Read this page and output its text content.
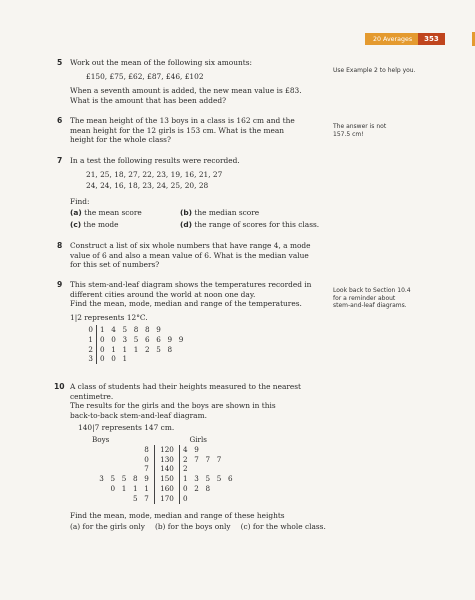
20 Averages	353
5 Work out the mean of the following six amounts:

£150, £75, £62, £87, £46, £102

When a seventh amount is added, the new mean value is £83.

What is the amount that has been added?

Use Example 2 to help you.
6 The mean height of the 13 boys in a class is 162 cm and the

mean height for the 12 girls is 153 cm. What is the mean

height for the whole class?

The answer is not
157.5 cm!
7 In a test the following results were recorded.

21, 25, 18, 27, 22, 23, 19, 16, 21, 27

24, 24, 16, 18, 23, 24, 25, 20, 28

Find:

(a) the mean score	(b) the median score
(c) the mode	(d) the range of scores for this class.
8 Construct a list of six whole numbers that have range 4, a mode

value of 6 and also a mean value of 6. What is the median value

for this set of numbers?

9 This stem-and-leaf diagram shows the temperatures recorded in

different cities around the world at noon one day.

Find the mean, mode, median and range of the temperatures.

1|2 represents 12°C.

0	1 4 5 8 8 9
1	0 0 3 5 6 6 9 9
2	0 1 1 1 2 5 8
3	0 0 1
Look back to Section 10.4
for a reminder about
stem-and-leaf diagrams.
10 A class of students had their heights measured to the nearest

centimetre.

The results for the girls and the boys are shown in this

back-to-back stem-and-leaf diagram.

140|7 represents 147 cm.

Boys		Girls
8	120	4 9
0	130	2 7 7 7
7	140	2
3 5 5 8 9	150	1 3 5 5 6
0 1 1 1	160	0 2 8
5 7	170	0

Find the mean, mode, median and range of these heights

(a) for the girls only (b) for the boys only (c) for the whole class.
